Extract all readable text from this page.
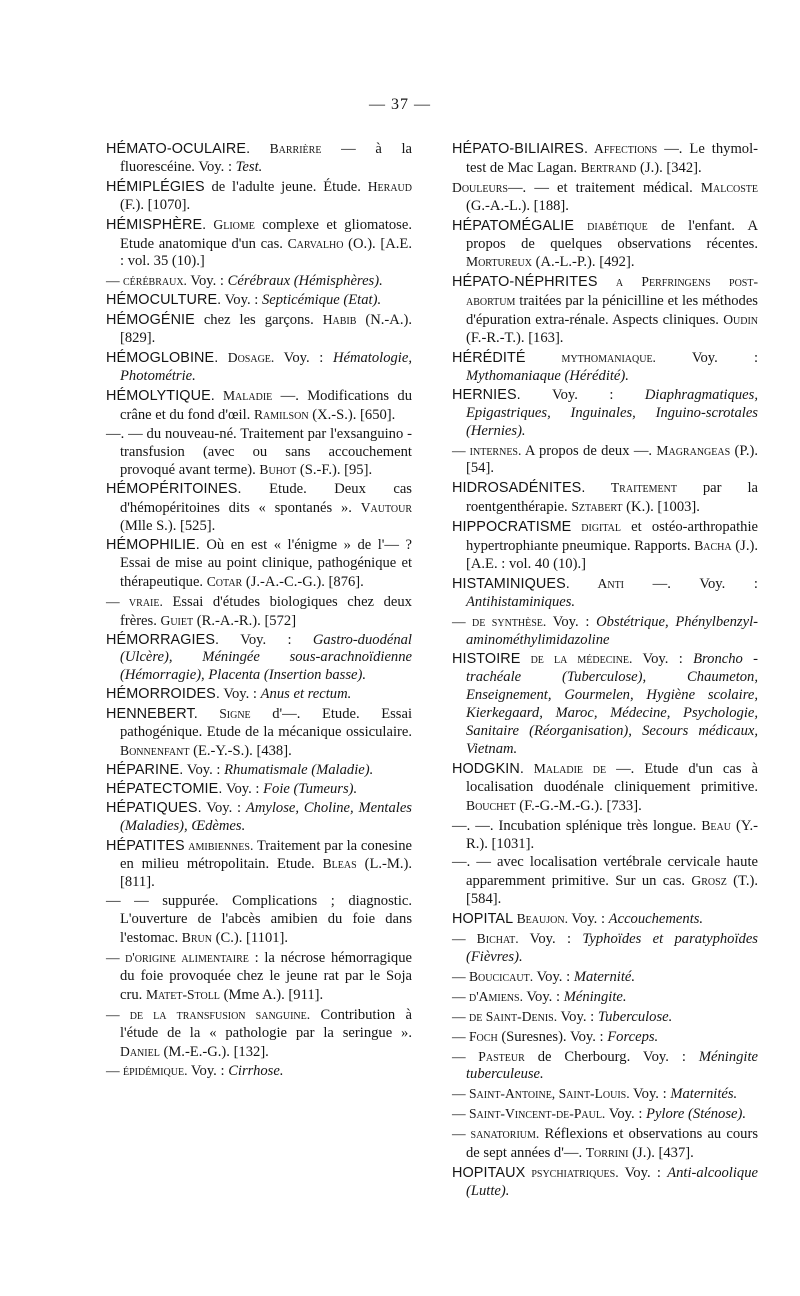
— 37 —

HÉMATO-OCULAIRE. Barrière — à la fluorescéine. Voy. : Test.

HÉMIPLÉGIES de l'adulte jeune. Étude. Heraud (F.). [1070].

HÉMISPHÈRE. Gliome complexe et gliomatose. Etude anatomique d'un cas. Carvalho (O.). [A.E. : vol. 35 (10).]

— cérébraux. Voy. : Cérébraux (Hémisphères).

HÉMOCULTURE. Voy. : Septicémique (Etat).

HÉMOGÉNIE chez les garçons. Habib (N.-A.). [829].

HÉMOGLOBINE. Dosage. Voy. : Hématologie, Photométrie.

HÉMOLYTIQUE. Maladie —. Modifications du crâne et du fond d'œil. Ramilson (X.-S.). [650].

—. — du nouveau-né. Traitement par l'exsanguino - transfusion (avec ou sans accouchement provoqué avant terme). Buhot (S.-F.). [95].

HÉMOPÉRITOINES. Etude. Deux cas d'hémopéritoines dits « spontanés ». Vautour (Mlle S.). [525].

HÉMOPHILIE. Où en est « l'énigme » de l'— ? Essai de mise au point clinique, pathogénique et thérapeutique. Cotar (J.-A.-C.-G.). [876].

— vraie. Essai d'études biologiques chez deux frères. Guiet (R.-A.-R.). [572]

HÉMORRAGIES. Voy. : Gastro-duodénal (Ulcère), Méningée sous-arachnoïdienne (Hémorragie), Placenta (Insertion basse).

HÉMORROIDES. Voy. : Anus et rectum.

HENNEBERT. Signe d'—. Etude. Essai pathogénique. Etude de la mécanique ossiculaire. Bonnenfant (E.-Y.-S.). [438].

HÉPARINE. Voy. : Rhumatismale (Maladie).

HÉPATECTOMIE. Voy. : Foie (Tumeurs).

HÉPATIQUES. Voy. : Amylose, Choline, Mentales (Maladies), Œdèmes.

HÉPATITES amibiennes. Traitement par la conesine en milieu métropolitain. Etude. Bleas (L.-M.). [811].

— — suppurée. Complications ; diagnostic. L'ouverture de l'abcès amibien du foie dans l'estomac. Brun (C.). [1101].

— d'origine alimentaire : la nécrose hémorragique du foie provoquée chez le jeune rat par le Soja cru. Matet-Stoll (Mme A.). [911].

— de la transfusion sanguine. Contribution à l'étude de la « pathologie par la seringue ». Daniel (M.-E.-G.). [132].

— épidémique. Voy. : Cirrhose.

HÉPATO-BILIAIRES. Affections —. Le thymol-test de Mac Lagan. Bertrand (J.). [342].

Douleurs—. — et traitement médical. Malcoste (G.-A.-L.). [188].

HÉPATOMÉGALIE diabétique de l'enfant. A propos de quelques observations récentes. Mortureux (A.-L.-P.). [492].

HÉPATO-NÉPHRITES a Perfringens post-abortum traitées par la pénicilline et les méthodes d'épuration extra-rénale. Aspects cliniques. Oudin (F.-R.-T.). [163].

HÉRÉDITÉ mythomaniaque. Voy. : Mythomaniaque (Hérédité).

HERNIES. Voy. : Diaphragmatiques, Epigastriques, Inguinales, Inguino-scrotales (Hernies).

— internes. A propos de deux —. Magrangeas (P.). [54].

HIDROSADÉNITES. Traitement par la roentgenthérapie. Sztabert (K.). [1003].

HIPPOCRATISME digital et ostéo-arthropathie hypertrophiante pneumique. Rapports. Bacha (J.). [A.E. : vol. 40 (10).]

HISTAMINIQUES. Anti —. Voy. : Antihistaminiques.

— de synthèse. Voy. : Obstétrique, Phénylbenzyl- aminométhylimidazoline

HISTOIRE de la médecine. Voy. : Broncho - trachéale (Tuberculose), Chaumeton, Enseignement, Gourmelen, Hygiène scolaire, Kierkegaard, Maroc, Médecine, Psychologie, Sanitaire (Réorganisation), Secours médicaux, Vietnam.

HODGKIN. Maladie de —. Etude d'un cas à localisation duodénale cliniquement primitive. Bouchet (F.-G.-M.-G.). [733].

—. —. Incubation splénique très longue. Beau (Y.-R.). [1031].

—. — avec localisation vertébrale cervicale haute apparemment primitive. Sur un cas. Grosz (T.). [584].

HOPITAL Beaujon. Voy. : Accouchements.

— Bichat. Voy. : Typhoïdes et paratyphoïdes (Fièvres).

— Boucicaut. Voy. : Maternité.

— d'Amiens. Voy. : Méningite.

— de Saint-Denis. Voy. : Tuberculose.

— Foch (Suresnes). Voy. : Forceps.

— Pasteur de Cherbourg. Voy. : Méningite tuberculeuse.

— Saint-Antoine, Saint-Louis. Voy. : Maternités.

— Saint-Vincent-de-Paul. Voy. : Pylore (Sténose).

— sanatorium. Réflexions et observations au cours de sept années d'—. Torrini (J.). [437].

HOPITAUX psychiatriques. Voy. : Anti-alcoolique (Lutte).
